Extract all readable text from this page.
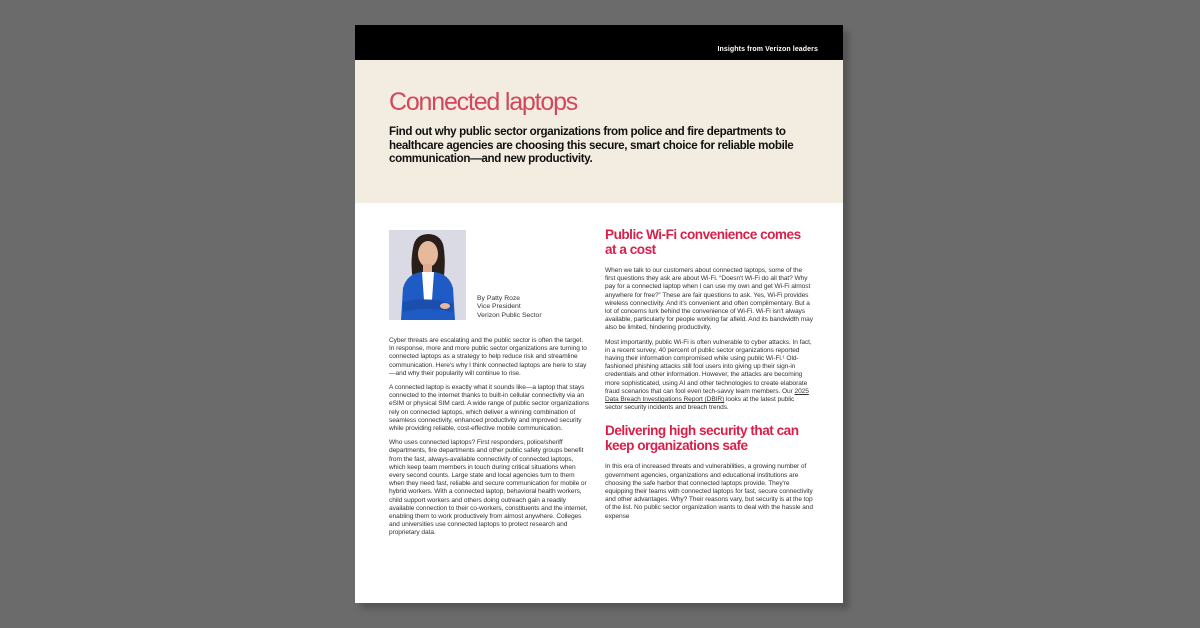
Insights from Verizon leaders
Connected laptops

Find out why public sector organizations from police and fire departments to healthcare agencies are choosing this secure, smart choice for reliable mobile communication—and new productivity.

By Patty Roze
Vice President
Verizon Public Sector

Cyber threats are escalating and the public sector is often the target. In response, more and more public sector organizations are turning to connected laptops as a strategy to help reduce risk and streamline communication. Here's why I think connected laptops are here to stay—and why their popularity will continue to rise.

A connected laptop is exactly what it sounds like—a laptop that stays connected to the internet thanks to built-in cellular connectivity via an eSIM or physical SIM card. A wide range of public sector organizations rely on connected laptops, which deliver a winning combination of seamless connectivity, enhanced productivity and improved security while providing reliable, cost-effective mobile communication.

Who uses connected laptops? First responders, police/sheriff departments, fire departments and other public safety groups benefit from the fast, always-available connectivity of connected laptops, which keep team members in touch during critical situations when every second counts. Large state and local agencies turn to them when they need fast, reliable and secure communication for mobile or hybrid workers. With a connected laptop, behavioral health workers, child support workers and others doing outreach gain a readily available connection to their co-workers, constituents and the internet, enabling them to work productively from almost anywhere. Colleges and universities use connected laptops to protect research and proprietary data.

Public Wi-Fi convenience comes at a cost

When we talk to our customers about connected laptops, some of the first questions they ask are about Wi-Fi. “Doesn't Wi-Fi do all that? Why pay for a connected laptop when I can use my own and get Wi-Fi almost anywhere for free?” These are fair questions to ask. Yes, Wi-Fi provides wireless connectivity. And it's convenient and often complimentary. But a lot of concerns lurk behind the convenience of Wi-Fi. Wi-Fi isn't always available, particularly for people working far afield. And its bandwidth may also be limited, hindering productivity.

Most importantly, public Wi-Fi is often vulnerable to cyber attacks. In fact, in a recent survey, 40 percent of public sector organizations reported having their information compromised while using public Wi-Fi.¹ Old-fashioned phishing attacks still fool users into giving up their sign-in credentials and other information. However, the attacks are becoming more sophisticated, using AI and other technologies to create elaborate fraud scenarios that can fool even tech-savvy team members. Our 2025 Data Breach Investigations Report (DBIR) looks at the latest public sector security incidents and breach trends.

Delivering high security that can keep organizations safe

In this era of increased threats and vulnerabilities, a growing number of government agencies, organizations and educational institutions are choosing the safe harbor that connected laptops provide. They're equipping their teams with connected laptops for fast, secure connectivity and other advantages. Why? Their reasons vary, but security is at the top of the list. No public sector organization wants to deal with the hassle and expense
